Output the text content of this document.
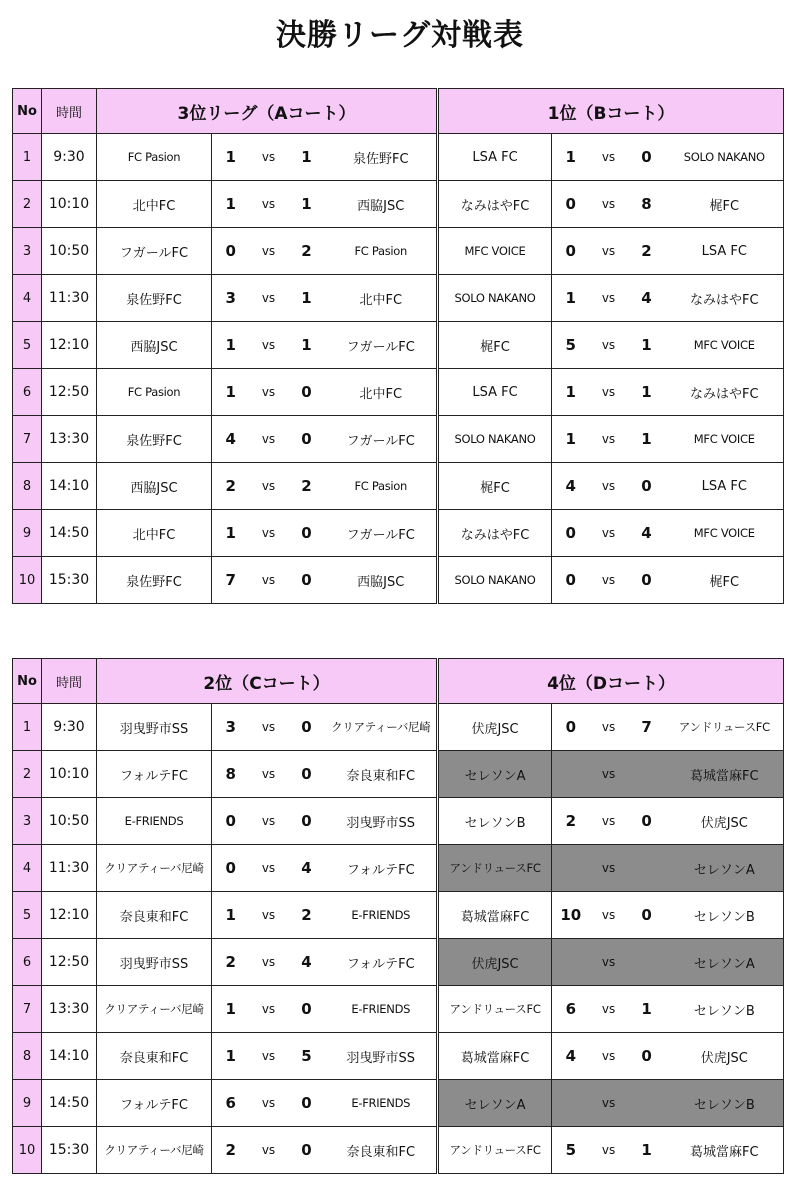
決勝リーグ対戦表
No	時間	3位リーグ（Aコート）					1位（Bコート）				
1	9:30	FC Pasion	1	vs	1	泉佐野FC	LSA FC	1	vs	0	SOLO NAKANO
2	10:10	北中FC	1	vs	1	西脇JSC	なみはやFC	0	vs	8	梶FC
3	10:50	フガールFC	0	vs	2	FC Pasion	MFC VOICE	0	vs	2	LSA FC
4	11:30	泉佐野FC	3	vs	1	北中FC	SOLO NAKANO	1	vs	4	なみはやFC
5	12:10	西脇JSC	1	vs	1	フガールFC	梶FC	5	vs	1	MFC VOICE
6	12:50	FC Pasion	1	vs	0	北中FC	LSA FC	1	vs	1	なみはやFC
7	13:30	泉佐野FC	4	vs	0	フガールFC	SOLO NAKANO	1	vs	1	MFC VOICE
8	14:10	西脇JSC	2	vs	2	FC Pasion	梶FC	4	vs	0	LSA FC
9	14:50	北中FC	1	vs	0	フガールFC	なみはやFC	0	vs	4	MFC VOICE
10	15:30	泉佐野FC	7	vs	0	西脇JSC	SOLO NAKANO	0	vs	0	梶FC
No	時間	2位（Cコート）					4位（Dコート）				
1	9:30	羽曳野市SS	3	vs	0	クリアティーバ尼崎	伏虎JSC	0	vs	7	アンドリュースFC
2	10:10	フォルテFC	8	vs	0	奈良東和FC	セレソンA		vs		葛城當麻FC
3	10:50	E-FRIENDS	0	vs	0	羽曳野市SS	セレソンB	2	vs	0	伏虎JSC
4	11:30	クリアティーバ尼崎	0	vs	4	フォルテFC	アンドリュースFC		vs		セレソンA
5	12:10	奈良東和FC	1	vs	2	E-FRIENDS	葛城當麻FC	10	vs	0	セレソンB
6	12:50	羽曳野市SS	2	vs	4	フォルテFC	伏虎JSC		vs		セレソンA
7	13:30	クリアティーバ尼崎	1	vs	0	E-FRIENDS	アンドリュースFC	6	vs	1	セレソンB
8	14:10	奈良東和FC	1	vs	5	羽曳野市SS	葛城當麻FC	4	vs	0	伏虎JSC
9	14:50	フォルテFC	6	vs	0	E-FRIENDS	セレソンA		vs		セレソンB
10	15:30	クリアティーバ尼崎	2	vs	0	奈良東和FC	アンドリュースFC	5	vs	1	葛城當麻FC
